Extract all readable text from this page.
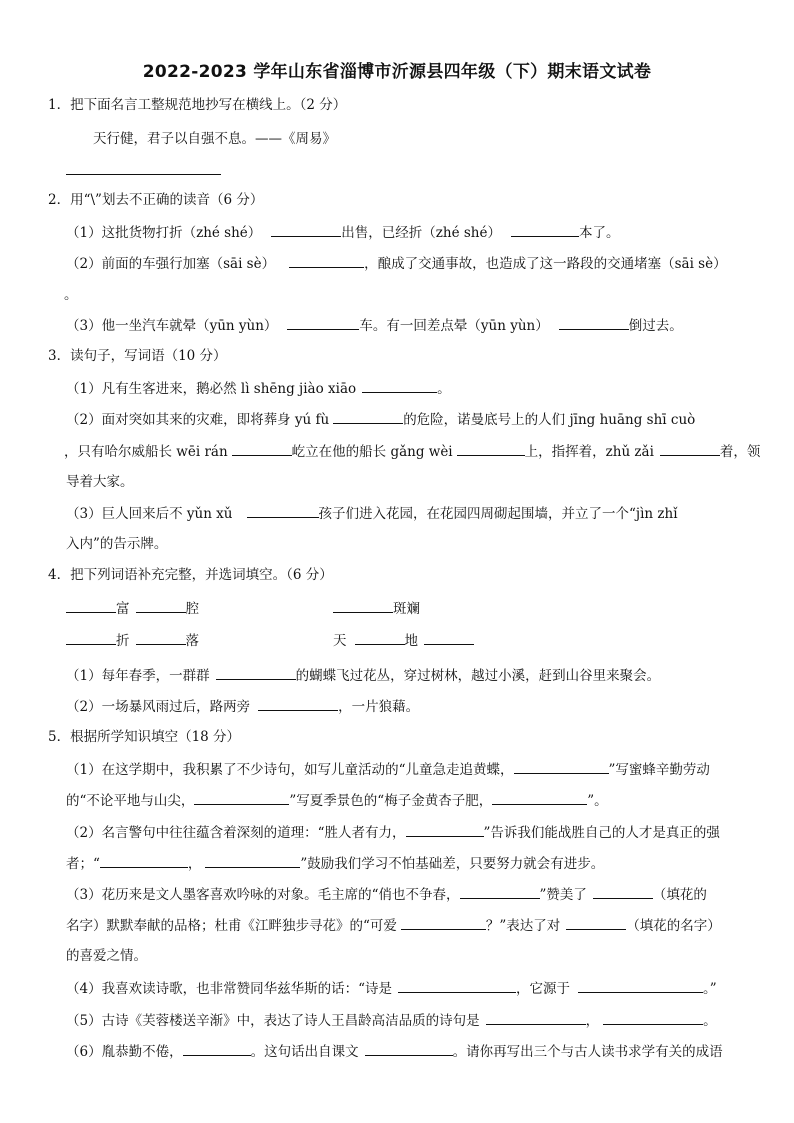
2022-2023 学年山东省淄博市沂源县四年级（下）期末语文试卷
1．把下面名言工整规范地抄写在横线上。（2 分）
天行健，君子以自强不息。——《周易》
2．用“\”划去不正确的读音（6 分）
（1）这批货物打折（zhé shé）	出售，已经折（zhé shé）	本了。
（2）前面的车强行加塞（sāi sè）	，酿成了交通事故，也造成了这一路段的交通堵塞（sāi sè）
。
（3）他一坐汽车就晕（yūn yùn）	车。有一回差点晕（yūn yùn）	倒过去。
3．读句子，写词语（10 分）
（1）凡有生客进来，鹅必然 lì shēng jiào xiāo	。
（2）面对突如其来的灾难，即将葬身 yú fù	的危险，诺曼底号上的人们 jīng huāng shī cuò
，只有哈尔威船长 wēi rán	屹立在他的船长 gǎng wèi	上，指挥着，zhǔ zǎi	着，领
导着大家。
（3）巨人回来后不 yǔn xǔ	孩子们进入花园，在花园四周砌起围墙，并立了一个“jìn zhǐ
入内”的告示牌。
4．把下列词语补充完整，并选词填空。（6 分）
富	腔	斑斓
折	落	天	地
（1）每年春季，一群群	的蝴蝶飞过花丛，穿过树林，越过小溪，赶到山谷里来聚会。
（2）一场暴风雨过后，路两旁	，一片狼藉。
5．根据所学知识填空（18 分）
（1）在这学期中，我积累了不少诗句，如写儿童活动的“儿童急走追黄蝶，	”写蜜蜂辛勤劳动
的“不论平地与山尖，	”写夏季景色的“梅子金黄杏子肥，	”。
（2）名言警句中往往蕴含着深刻的道理：“胜人者有力，	”告诉我们能战胜自己的人才是真正的强
者；“	，	”鼓励我们学习不怕基础差，只要努力就会有进步。
（3）花历来是文人墨客喜欢吟咏的对象。毛主席的“俏也不争春，	”赞美了	（填花的
名字）默默奉献的品格；杜甫《江畔独步寻花》的“可爱	？”表达了对	（填花的名字）
的喜爱之情。
（4）我喜欢读诗歌，也非常赞同华兹华斯的话：“诗是	，它源于	。”
（5）古诗《芙蓉楼送辛渐》中，表达了诗人王昌龄高洁品质的诗句是	，	。
（6）胤恭勤不倦，	。这句话出自课文	。请你再写出三个与古人读书求学有关的成语
